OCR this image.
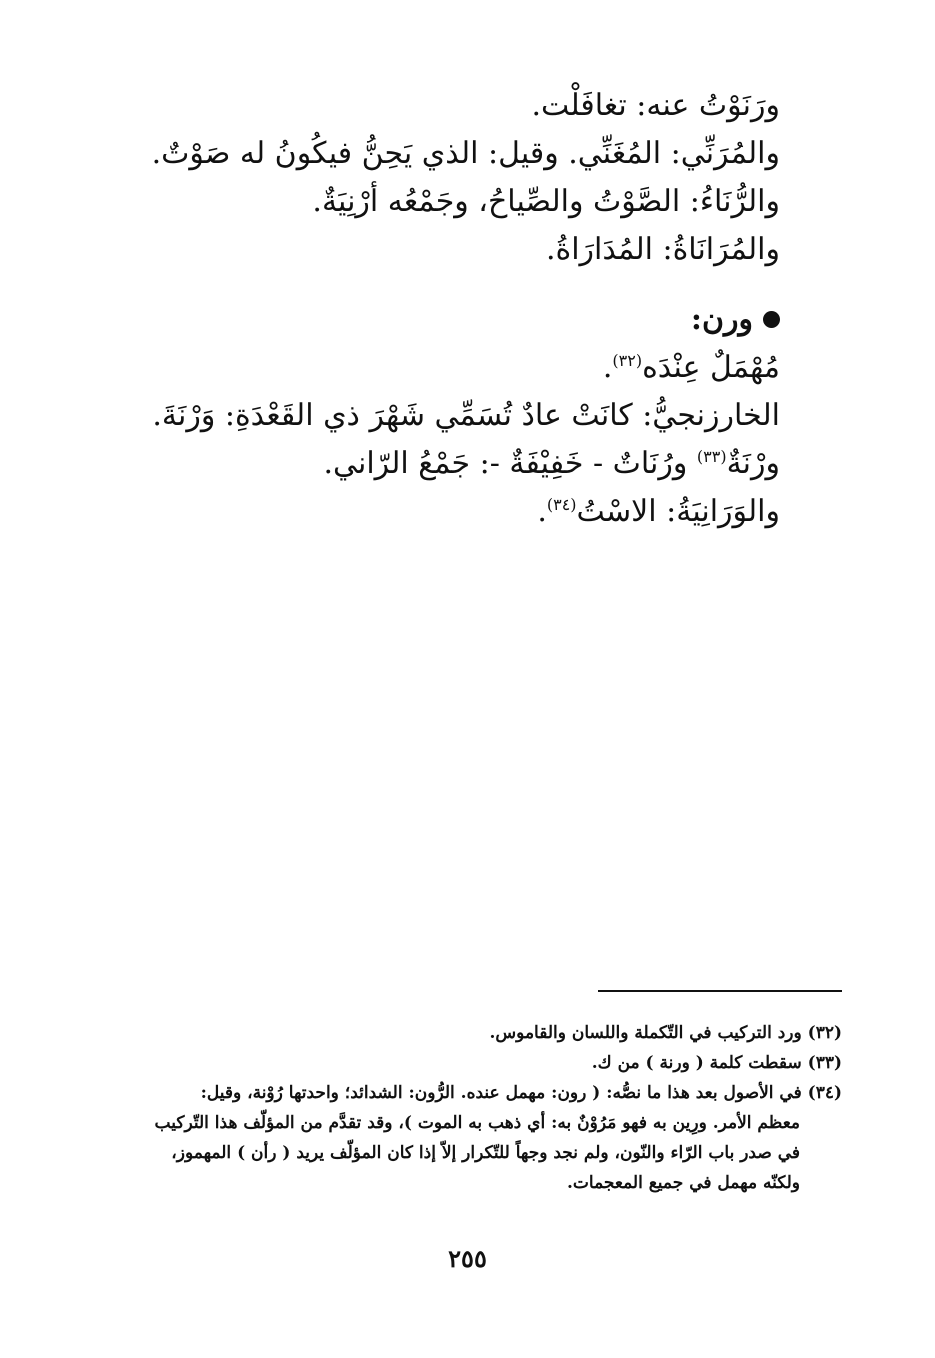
ورَنَوْتُ عنه: تغافَلْت.
والمُرَنِّي: المُغَنِّي. وقيل: الذي يَحِنُّ فيكُونُ له صَوْتٌ.
والرُّنَاءُ: الصَّوْتُ والصِّياحُ، وجَمْعُه أرْنِيَةٌ.
والمُرَانَاةُ: المُدَارَاةُ.
ورن:
مُهْمَلٌ عِنْدَه$^{(٣٢)}$.
الخارزنجيُّ: كانَتْ عادٌ تُسَمِّي شَهْرَ ذي القَعْدَةِ: وَرْنَةَ.
ورْنَةٌ$^{(٣٣)}$ ورُنَاتٌ - خَفِيْفَةٌ -: جَمْعُ الرّاني.
والوَرَانِيَةُ: الاسْتُ$^{(٣٤)}$.
(٣٢) ورد التركيب في التّكملة واللسان والقاموس.
(٣٣) سقطت كلمة ( ورنة ) من ك.
(٣٤) في الأصول بعد هذا ما نصُّه: ( رون: مهمل عنده. الرُّون: الشدائد؛ واحدتها رُوْنة، وقيل:
معظم الأمر. ورِين به فهو مَرُوْنٌ به: أي ذهب به الموت )، وقد تقدَّم من المؤلّف هذا التّركيب
في صدر باب الرّاء والنّون، ولم نجد وجهاً للتّكرار إلاّ إذا كان المؤلّف يريد ( رأن ) المهموز،
ولكنّه مهمل في جميع المعجمات.
٢٥٥
